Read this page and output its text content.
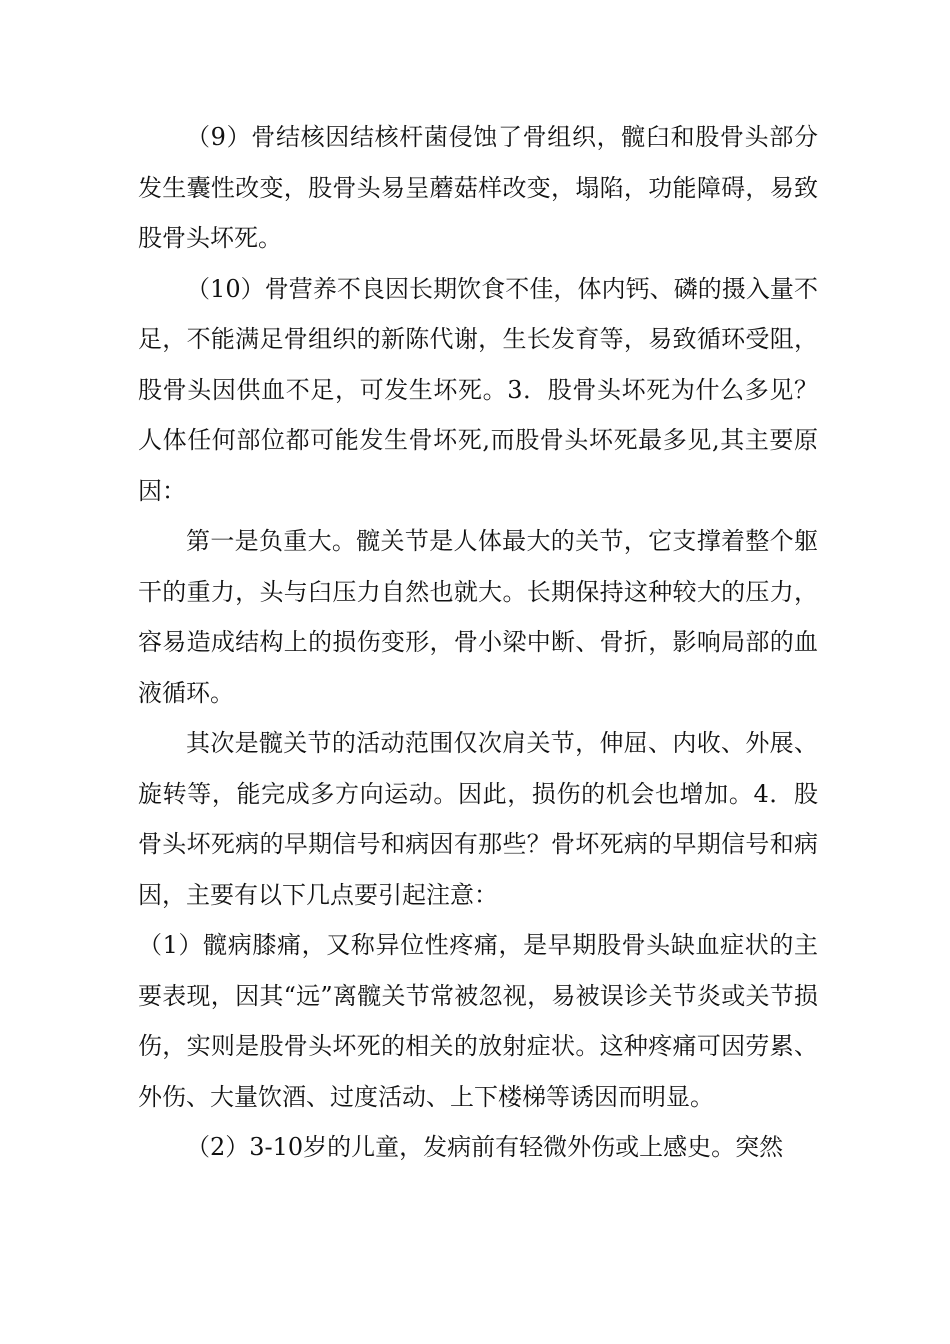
（9）骨结核因结核杆菌侵蚀了骨组织，髋臼和股骨头部分发生囊性改变，股骨头易呈蘑菇样改变，塌陷，功能障碍，易致股骨头坏死。

（10）骨营养不良因长期饮食不佳，体内钙、磷的摄入量不足，不能满足骨组织的新陈代谢，生长发育等，易致循环受阻，股骨头因供血不足，可发生坏死。3．股骨头坏死为什么多见？人体任何部位都可能发生骨坏死,而股骨头坏死最多见,其主要原因：

第一是负重大。髋关节是人体最大的关节，它支撑着整个躯干的重力，头与臼压力自然也就大。长期保持这种较大的压力，容易造成结构上的损伤变形，骨小梁中断、骨折，影响局部的血液循环。

其次是髋关节的活动范围仅次肩关节，伸屈、内收、外展、旋转等，能完成多方向运动。因此，损伤的机会也增加。4．股骨头坏死病的早期信号和病因有那些？骨坏死病的早期信号和病因，主要有以下几点要引起注意：

（1）髋病膝痛，又称异位性疼痛，是早期股骨头缺血症状的主要表现，因其“远”离髋关节常被忽视，易被误诊关节炎或关节损伤，实则是股骨头坏死的相关的放射症状。这种疼痛可因劳累、外伤、大量饮酒、过度活动、上下楼梯等诱因而明显。

（2）3-10岁的儿童，发病前有轻微外伤或上感史。突然
